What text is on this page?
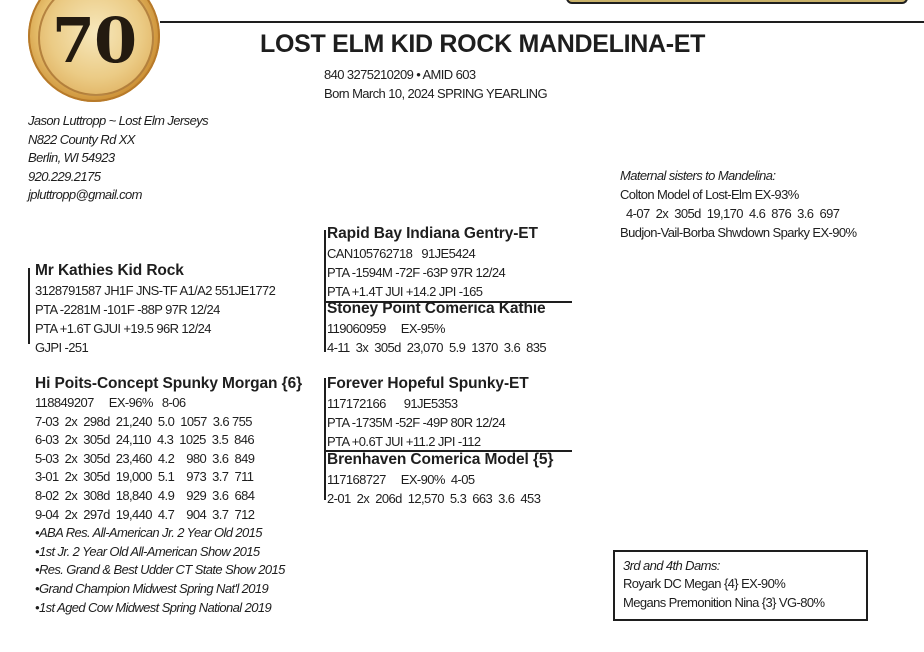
70	LOST ELM KID ROCK MANDELINA-ET
840 3275210209 • AMID 603
Born March 10, 2024 SPRING YEARLING
Jason Luttropp ~ Lost Elm Jerseys
N822 County Rd XX
Berlin, WI 54923
920.229.2175
jpluttropp@gmail.com
Maternal sisters to Mandelina:
Colton Model of Lost-Elm EX-93%
4-07  2x  305d  19,170  4.6  876  3.6  697
Budjon-Vail-Borba Shwdown Sparky EX-90%
Mr Kathies Kid Rock
3128791587 JH1F JNS-TF A1/A2 551JE1772
PTA -2281M -101F -88P 97R 12/24
PTA +1.6T GJUI +19.5 96R 12/24
GJPI -251
Rapid Bay Indiana Gentry-ET
CAN105762718   91JE5424
PTA -1594M -72F -63P 97R 12/24
PTA +1.4T JUI +14.2 JPI -165
Stoney Point Comerica Kathie
119060959     EX-95%
4-11  3x  305d  23,070  5.9  1370  3.6  835
Hi Poits-Concept Spunky Morgan {6}
118849207     EX-96%   8-06
7-03  2x  298d  21,240  5.0  1057  3.6 755
6-03  2x  305d  24,110  4.3  1025  3.5  846
5-03  2x  305d  23,460  4.2    980  3.6  849
3-01  2x  305d  19,000  5.1    973  3.7  711
8-02  2x  308d  18,840  4.9    929  3.6  684
9-04  2x  297d  19,440  4.7    904  3.7  712
•ABA Res. All-American Jr. 2 Year Old 2015
•1st Jr. 2 Year Old All-American Show 2015
•Res. Grand & Best Udder CT State Show 2015
•Grand Champion Midwest Spring Nat'l 2019
•1st Aged Cow Midwest Spring National 2019
Forever Hopeful Spunky-ET
117172166      91JE5353
PTA -1735M -52F -49P 80R 12/24
PTA +0.6T JUI +11.2 JPI -112
Brenhaven Comerica Model {5}
117168727     EX-90%  4-05
2-01  2x  206d  12,570  5.3  663  3.6  453
3rd and 4th Dams:
Royark DC Megan {4} EX-90%
Megans Premonition Nina {3} VG-80%
